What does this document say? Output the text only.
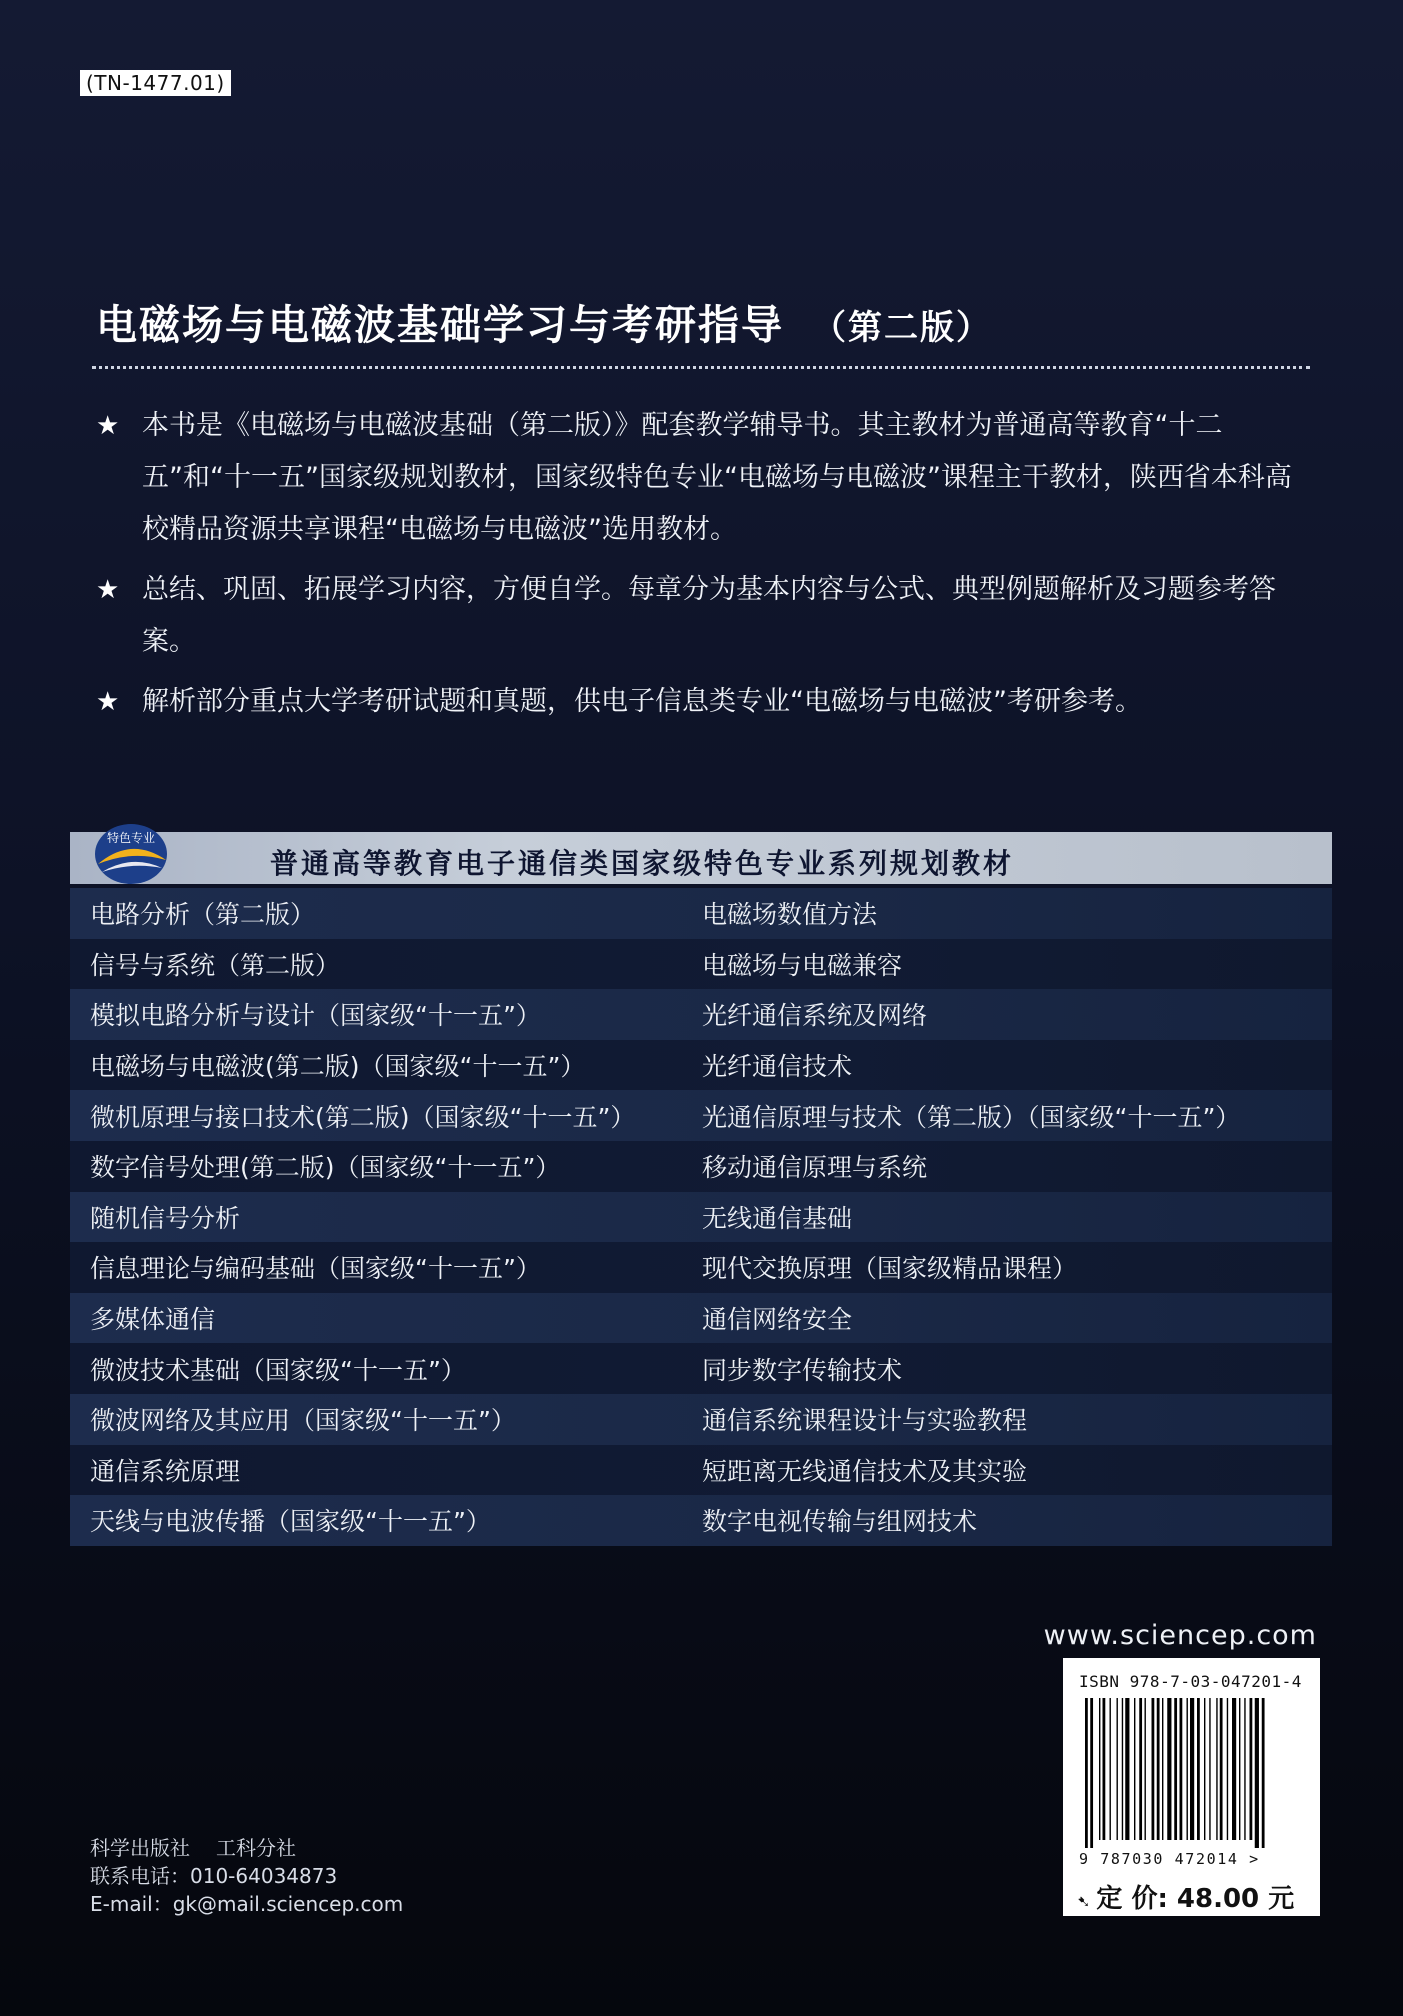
(TN-1477.01)
电磁场与电磁波基础学习与考研指导 （第二版）
★ 本书是《电磁场与电磁波基础（第二版）》配套教学辅导书。其主教材为普通高等教育“十二五”和“十一五”国家级规划教材，国家级特色专业“电磁场与电磁波”课程主干教材，陕西省本科高校精品资源共享课程“电磁场与电磁波”选用教材。
★ 总结、巩固、拓展学习内容，方便自学。每章分为基本内容与公式、典型例题解析及习题参考答案。
★ 解析部分重点大学考研试题和真题，供电子信息类专业“电磁场与电磁波”考研参考。
特色专业
普通高等教育电子通信类国家级特色专业系列规划教材
电路分析（第二版）	电磁场数值方法
信号与系统（第二版）	电磁场与电磁兼容
模拟电路分析与设计（国家级“十一五”）	光纤通信系统及网络
电磁场与电磁波(第二版)（国家级“十一五”）	光纤通信技术
微机原理与接口技术(第二版)（国家级“十一五”）	光通信原理与技术（第二版）（国家级“十一五”）
数字信号处理(第二版)（国家级“十一五”）	移动通信原理与系统
随机信号分析	无线通信基础
信息理论与编码基础（国家级“十一五”）	现代交换原理（国家级精品课程）
多媒体通信	通信网络安全
微波技术基础（国家级“十一五”）	同步数字传输技术
微波网络及其应用（国家级“十一五”）	通信系统课程设计与实验教程
通信系统原理	短距离无线通信技术及其实验
天线与电波传播（国家级“十一五”）	数字电视传输与组网技术
www.sciencep.com
ISBN 978-7-03-047201-4
9 787030 472014 >
➷ 定 价: 48.00 元
科学出版社 工科分社
联系电话：010-64034873
E-mail：gk@mail.sciencep.com
